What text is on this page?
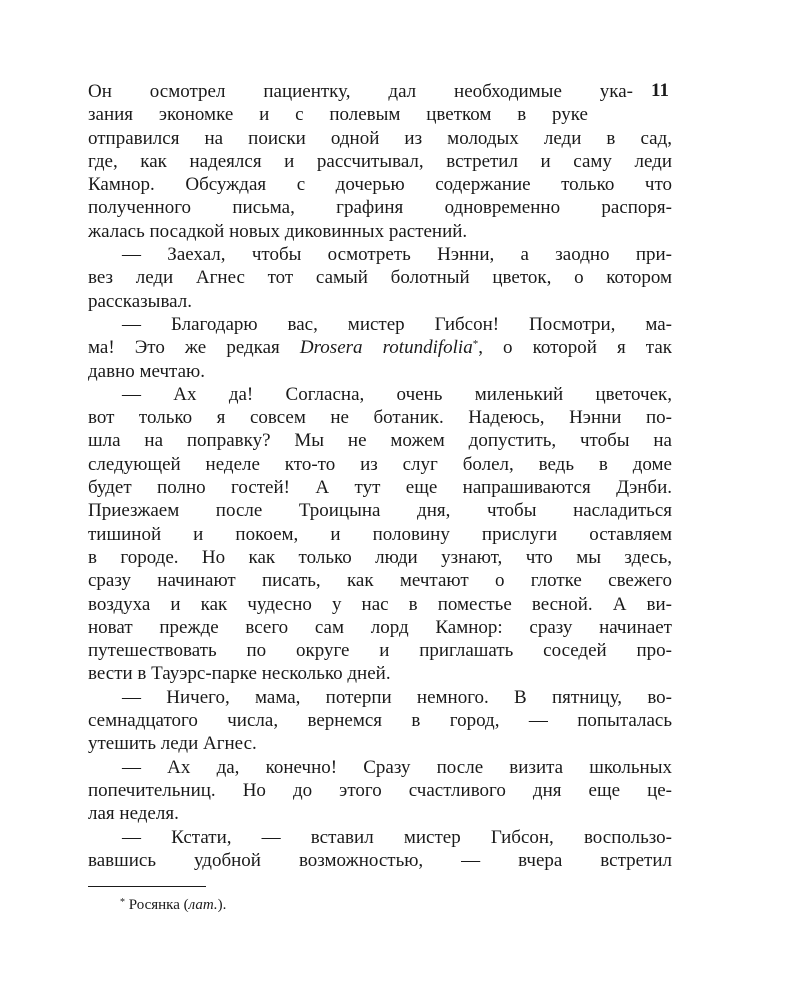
11
Он осмотрел пациентку, дал необходимые ука-
зания экономке и с полевым цветком в руке
отправился на поиски одной из молодых леди в сад,
где, как надеялся и рассчитывал, встретил и саму леди
Камнор. Обсуждая с дочерью содержание только что
полученного письма, графиня одновременно распоря-
жалась посадкой новых диковинных растений.
— Заехал, чтобы осмотреть Нэнни, а заодно при-
вез леди Агнес тот самый болотный цветок, о котором
рассказывал.
— Благодарю вас, мистер Гибсон! Посмотри, ма-
ма! Это же редкая Drosera rotundifolia*, о которой я так
давно мечтаю.
— Ах да! Согласна, очень миленький цветочек,
вот только я совсем не ботаник. Надеюсь, Нэнни по-
шла на поправку? Мы не можем допустить, чтобы на
следующей неделе кто-то из слуг болел, ведь в доме
будет полно гостей! А тут еще напрашиваются Дэнби.
Приезжаем после Троицына дня, чтобы насладиться
тишиной и покоем, и половину прислуги оставляем
в городе. Но как только люди узнают, что мы здесь,
сразу начинают писать, как мечтают о глотке свежего
воздуха и как чудесно у нас в поместье весной. А ви-
новат прежде всего сам лорд Камнор: сразу начинает
путешествовать по округе и приглашать соседей про-
вести в Тауэрс-парке несколько дней.
— Ничего, мама, потерпи немного. В пятницу, во-
семнадцатого числа, вернемся в город, — попыталась
утешить леди Агнес.
— Ах да, конечно! Сразу после визита школьных
попечительниц. Но до этого счастливого дня еще це-
лая неделя.
— Кстати, — вставил мистер Гибсон, воспользо-
вавшись удобной возможностью, — вчера встретил
* Росянка (лат.).
